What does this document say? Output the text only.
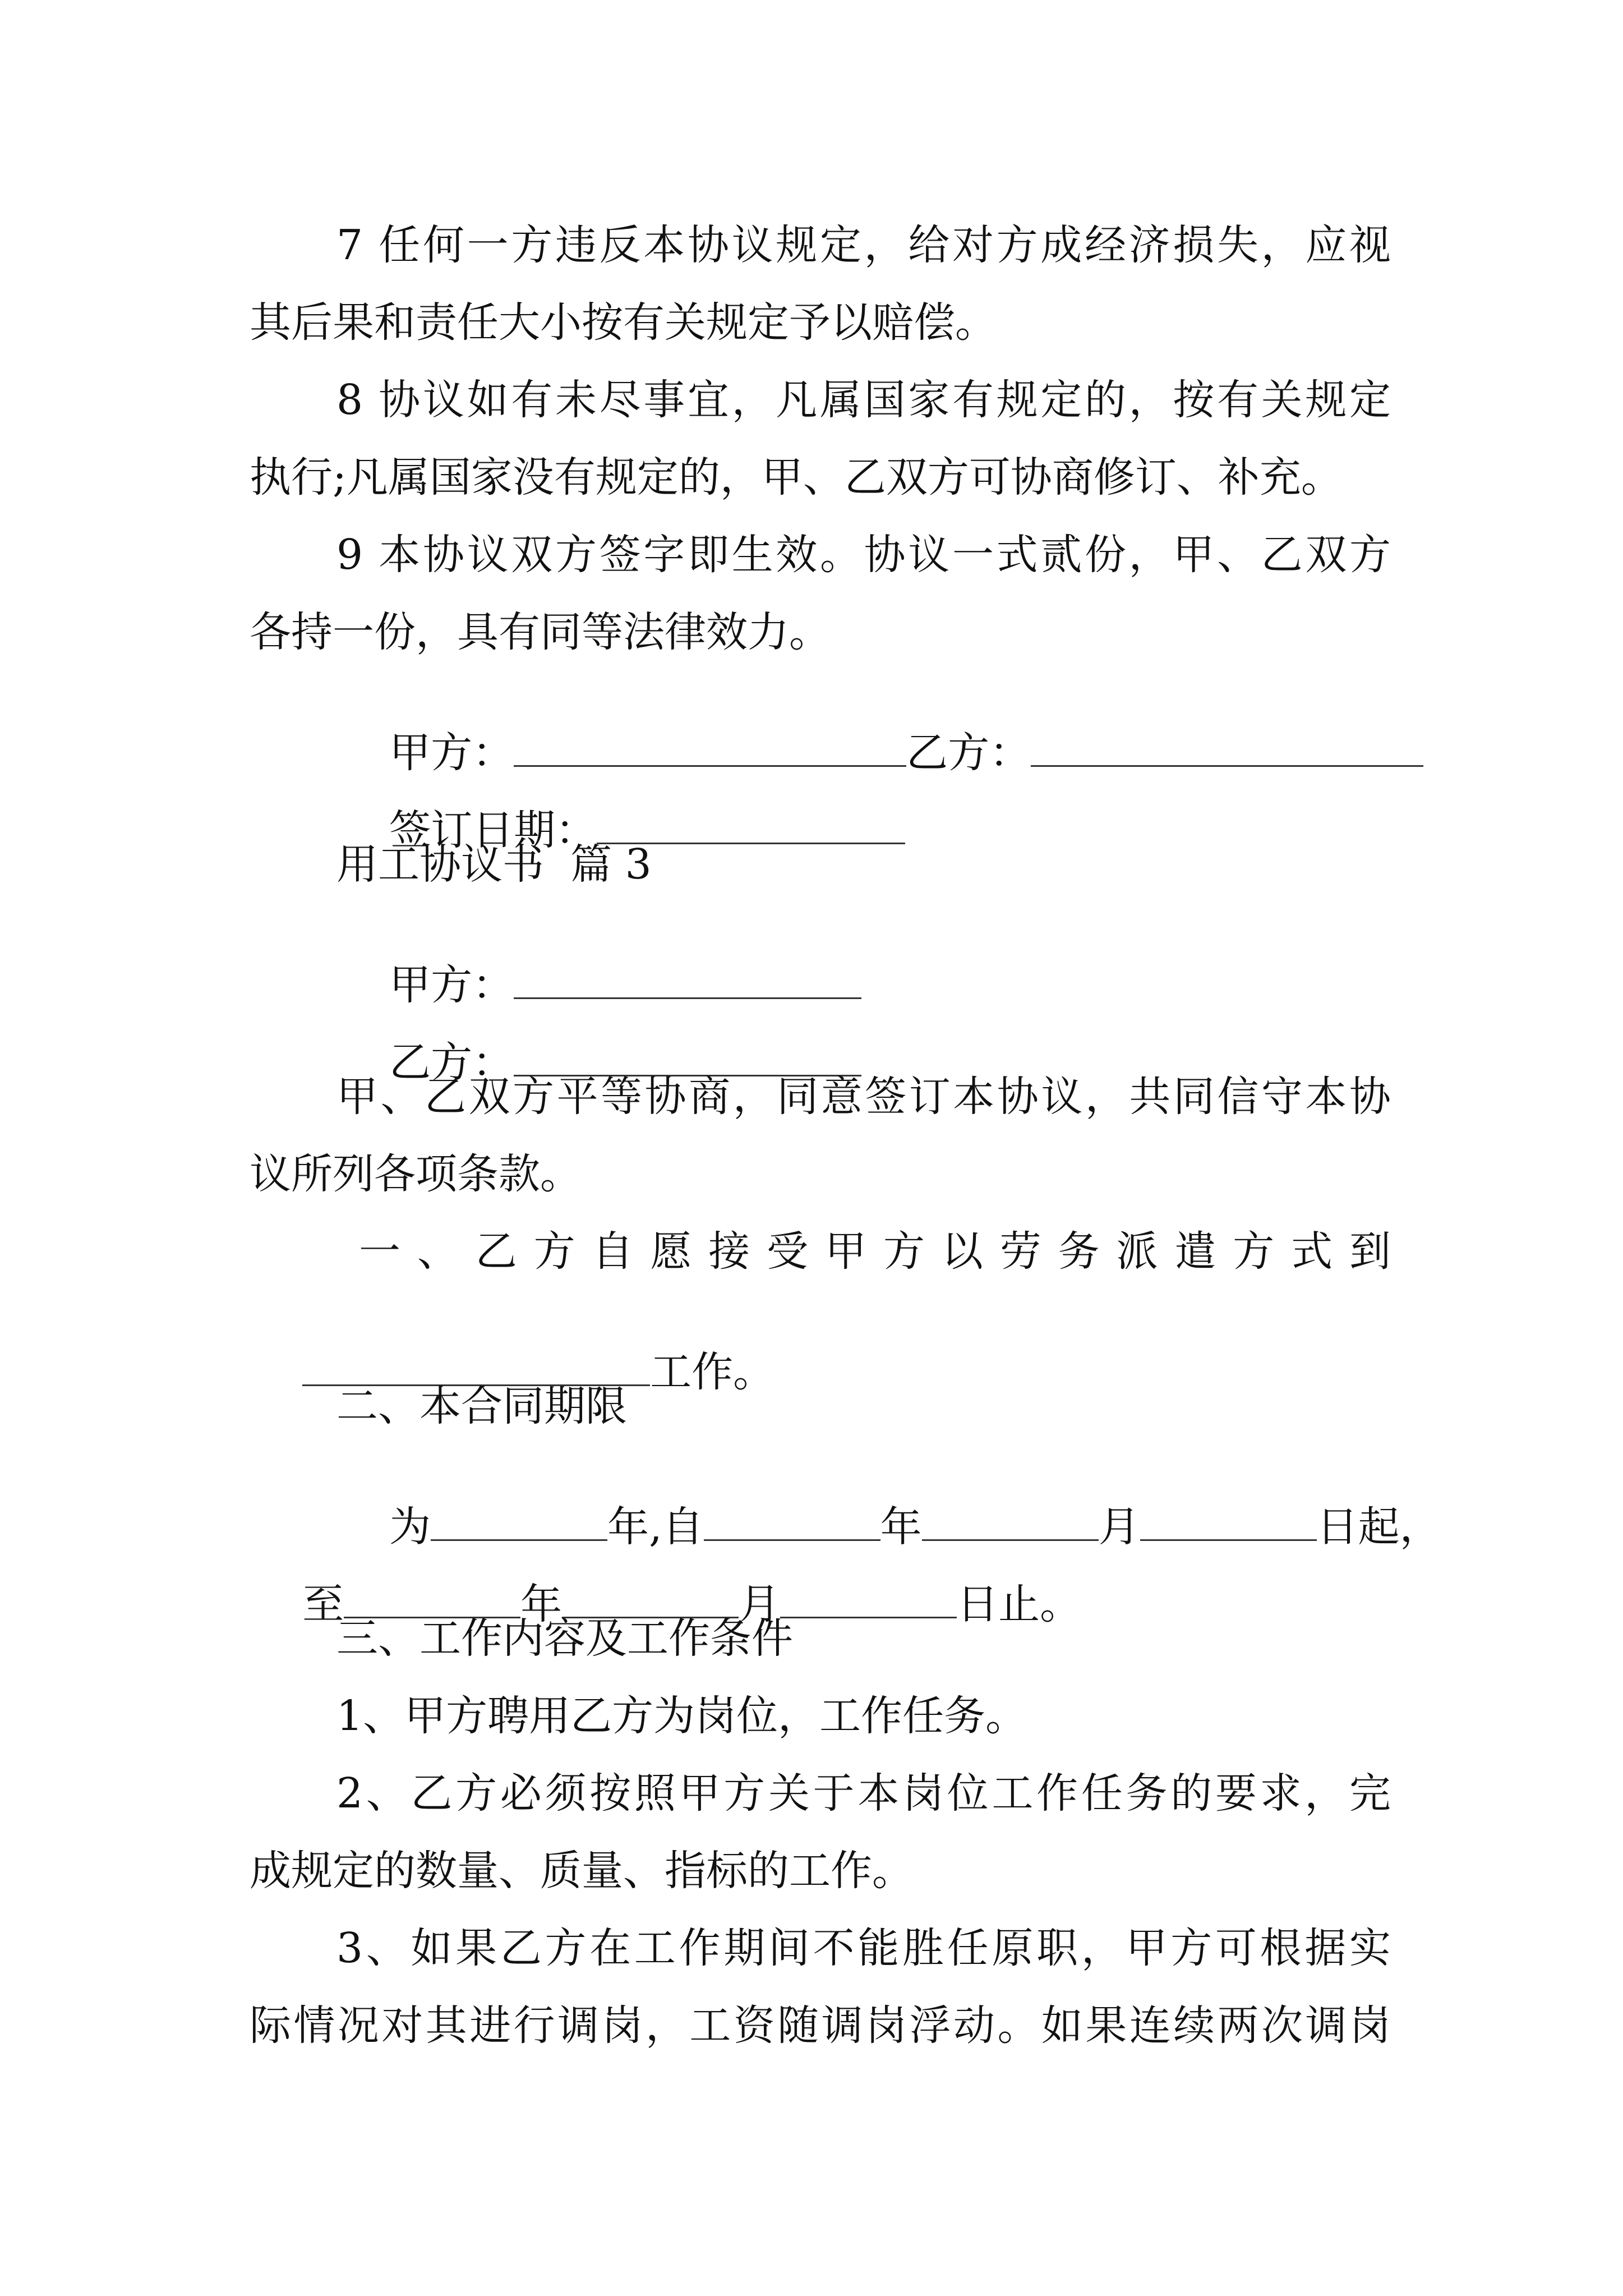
7 任何一方违反本协议规定，给对方成经济损失，应视
其后果和责任大小按有关规定予以赔偿。
8 协议如有未尽事宜，凡属国家有规定的，按有关规定
执行;凡属国家没有规定的，甲、乙双方可协商修订、补充。
9 本协议双方签字即生效。协议一式贰份，甲、乙双方
各持一份，具有同等法律效力。

甲方：	乙方：

签订日期：

用工协议书  篇 3

甲方：

乙方：

甲、乙双方平等协商，同意签订本协议，共同信守本协
议所列各项条款。
一、乙方自愿接受甲方以劳务派遣方式到

工作。

二、本合同期限

为	年,自	年	月	日起，

至	年	月	日止。

三、工作内容及工作条件
1、甲方聘用乙方为岗位，工作任务。
2、乙方必须按照甲方关于本岗位工作任务的要求，完
成规定的数量、质量、指标的工作。
3、如果乙方在工作期间不能胜任原职，甲方可根据实
际情况对其进行调岗，工资随调岗浮动。如果连续两次调岗
